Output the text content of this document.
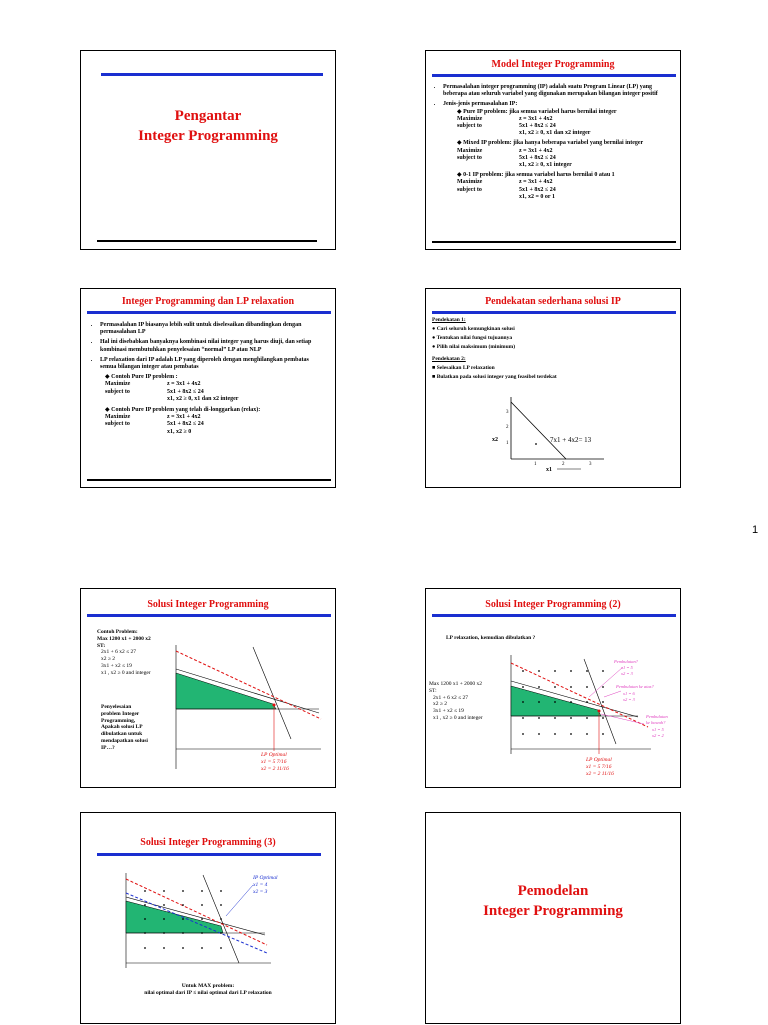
Pengantar
Integer Programming
Model Integer Programming
• Permasalahan integer programming (IP) adalah suatu Program Linear (LP) yang beberapa atau seluruh variabel yang digunakan merupakan bilangan integer positif
• Jenis-jenis permasalahan IP:
◆ Pure IP problem: jika semua variabel harus bernilai integer
Maximize	z = 3x1 + 4x2
subject to	5x1 + 8x2 ≤ 24
x1, x2 ≥ 0, x1 dan x2 integer
◆ Mixed IP problem: jika hanya beberapa variabel yang bernilai integer
Maximize	z = 3x1 + 4x2
subject to	5x1 + 8x2 ≤ 24
x1, x2 ≥ 0, x1 integer
◆ 0-1 IP problem: jika semua variabel harus bernilai 0 atau 1
Maximize	z = 3x1 + 4x2
subject to	5x1 + 8x2 ≤ 24
x1, x2 = 0 or 1
Integer Programming dan LP relaxation
• Permasalahan IP biasanya lebih sulit untuk diselesaikan dibandingkan dengan permasalahan LP
• Hal ini disebabkan banyaknya kombinasi nilai integer yang harus diuji, dan setiap kombinasi membutuhkan penyelesaian “normal” LP atau NLP
• LP relaxation dari IP adalah LP yang diperoleh dengan menghilangkan pembatas semua bilangan integer atau pembatas
◆ Contoh Pure IP problem :
Maximize	z = 3x1 + 4x2
subject to	5x1 + 8x2 ≤ 24
x1, x2 ≥ 0, x1 dan x2 integer
◆ Contoh Pure IP problem yang telah di-longgarkan (relax):
Maximize	z = 3x1 + 4x2
subject to	5x1 + 8x2 ≤ 24
x1, x2 ≥ 0
Pendekatan sederhana solusi IP
Pendekatan 1:
● Cari seluruh kemungkinan solusi
● Tentukan nilai fungsi tujuannya
● Pilih nilai maksimum (minimum)
Pendekatan 2:
■ Selesaikan LP relaxation
■ Bulatkan pada solusi integer yang feasibel terdekat
3
2
1
1	2	3
x2
x1
7x1 + 4x2= 13
1
Solusi Integer Programming
Contoh Problem:
Max 1200 x1 + 2000 x2
ST:
2x1 + 6 x2 ≤ 27
x2 ≥ 2
3x1 + x2 ≤ 19
x1 , x2 ≥ 0 and integer
Penyelesaian
problem Integer
Programming,
Apakah solusi LP
dibulatkan untuk
mendapatkan solusi
IP…?
LP Optimal
x1 = 5 7/16
x2 = 2 11/16
Solusi Integer Programming (2)
LP relaxation, kemudian dibulatkan ?
Max 1200 x1 + 2000 x2
ST:
2x1 + 6 x2 ≤ 27
x2 ≥ 2
3x1 + x2 ≤ 19
x1 , x2 ≥ 0 and integer
LP Optimal
x1 = 5 7/16
x2 = 2 11/16
Pembulatan?
x1 = 5
x2 = 3
Pembulatan ke atas?
x1 = 6
x2 = 3
Pembulatan
ke bawah?
x1 = 5
x2 = 2
Solusi Integer Programming (3)
IP Optimal
x1 = 4
x2 = 3
Untuk MAX problem:
nilai optimal dari IP ≤ nilai optimal dari LP relaxation
Pemodelan
Integer Programming
